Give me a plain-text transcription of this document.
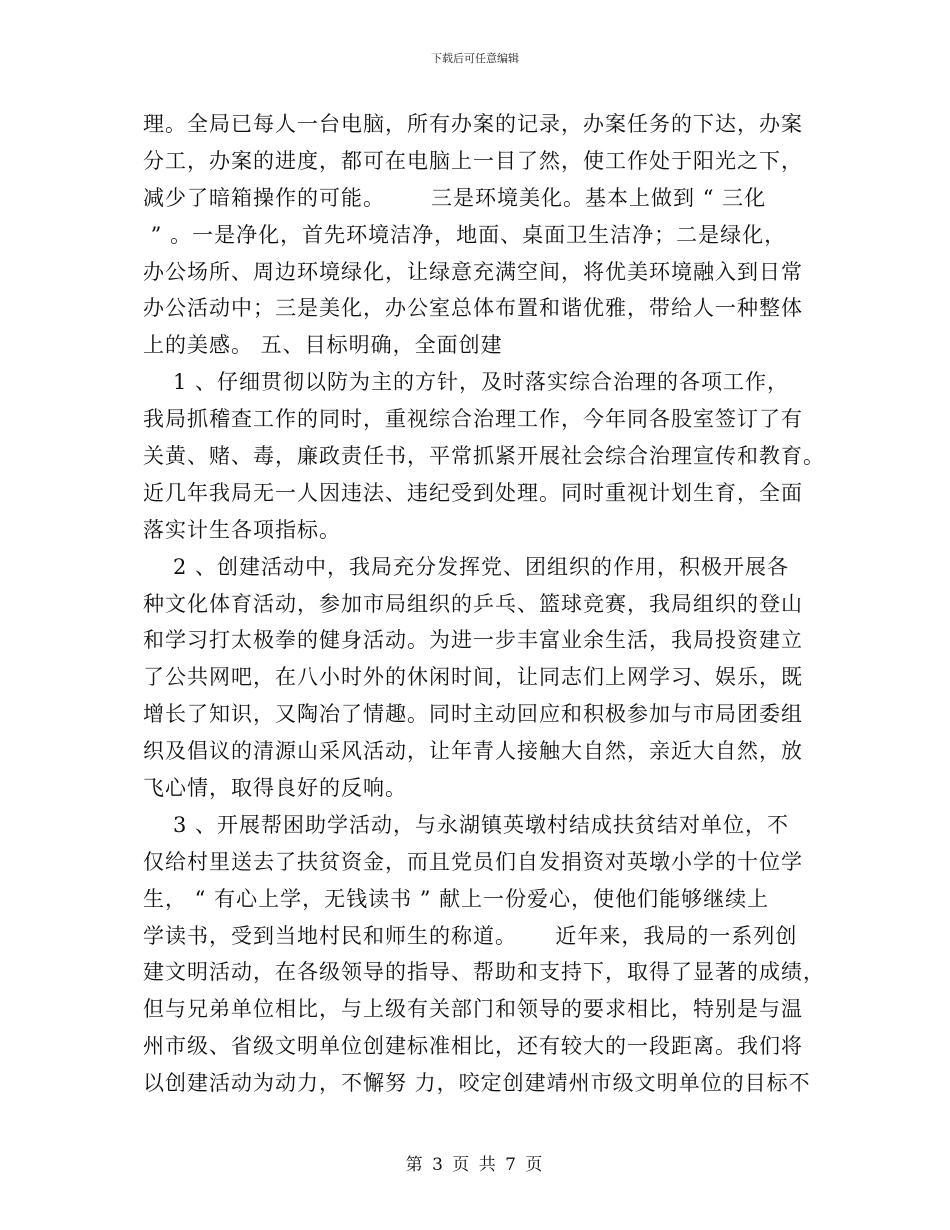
下载后可任意编辑
理。全局已每人一台电脑，所有办案的记录，办案任务的下达，办案
分工，办案的进度，都可在电脑上一目了然，使工作处于阳光之下，
减少了暗箱操作的可能。      三是环境美化。基本上做到 “ 三化
” 。一是净化，首先环境洁净，地面、桌面卫生洁净；二是绿化，
办公场所、周边环境绿化，让绿意充满空间，将优美环境融入到日常
办公活动中；三是美化，办公室总体布置和谐优雅，带给人一种整体
上的美感。 五、目标明确，全面创建
1 、仔细贯彻以防为主的方针，及时落实综合治理的各项工作，
我局抓稽查工作的同时，重视综合治理工作，今年同各股室签订了有
关黄、赌、毒，廉政责任书，平常抓紧开展社会综合治理宣传和教育。
近几年我局无一人因违法、违纪受到处理。同时重视计划生育，全面
落实计生各项指标。
2 、创建活动中，我局充分发挥党、团组织的作用，积极开展各
种文化体育活动，参加市局组织的乒乓、篮球竞赛，我局组织的登山
和学习打太极拳的健身活动。为进一步丰富业余生活，我局投资建立
了公共网吧，在八小时外的休闲时间，让同志们上网学习、娱乐，既
增长了知识，又陶冶了情趣。同时主动回应和积极参加与市局团委组
织及倡议的清源山采风活动，让年青人接触大自然，亲近大自然，放
飞心情，取得良好的反响。
3 、开展帮困助学活动，与永湖镇英墩村结成扶贫结对单位，不
仅给村里送去了扶贫资金，而且党员们自发捐资对英墩小学的十位学
生， “ 有心上学，无钱读书 ” 献上一份爱心，使他们能够继续上
学读书，受到当地村民和师生的称道。     近年来，我局的一系列创
建文明活动，在各级领导的指导、帮助和支持下，取得了显著的成绩，
但与兄弟单位相比，与上级有关部门和领导的要求相比，特别是与温
州市级、省级文明单位创建标准相比，还有较大的一段距离。我们将
以创建活动为动力，不懈努 力，咬定创建靖州市级文明单位的目标不
第 3 页 共 7 页
